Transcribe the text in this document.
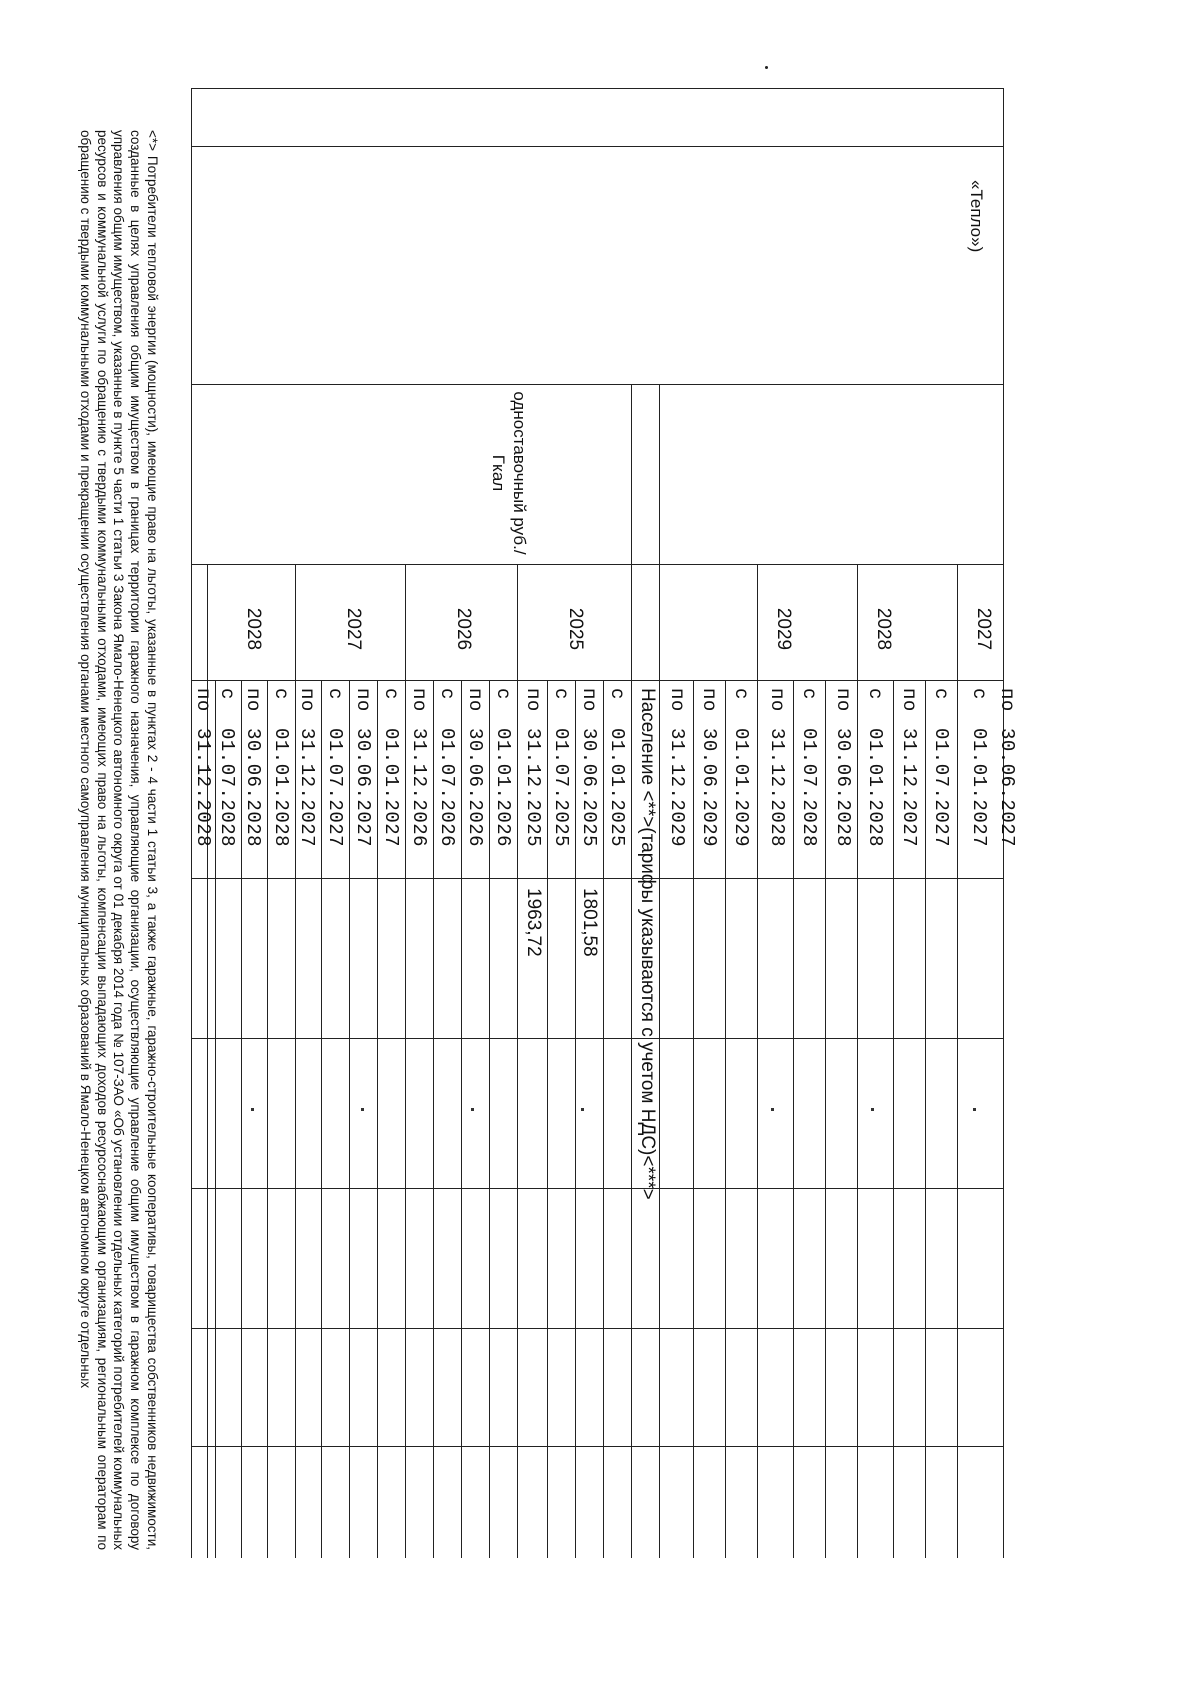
«Тепло»)
одноставочный руб./Гкал
Население <**>(тарифы указываются с учетом НДС)<***>
2027
2028
2029
с01.01.2027
по30.06.2027
с01.07.2027
по31.12.2027
с01.01.2028
по30.06.2028
с01.07.2028
по31.12.2028
с01.01.2029
по30.06.2029
по31.12.2029
2025
2026
2027
2028
с01.01.2025
по30.06.2025
с01.07.2025
по31.12.2025
с01.01.2026
по30.06.2026
с01.07.2026
по31.12.2026
с01.01.2027
по30.06.2027
с01.07.2027
по31.12.2027
с01.01.2028
по30.06.2028
с01.07.2028
по31.12.2028
1801,58
1963,72
<*> Потребители тепловой энергии (мощности), имеющие право на льготы, указанные в пунктах 2 - 4 части 1 статьи 3, а также гаражные, гаражно-строительные кооперативы, товарищества собственников недвижимости, созданные в целях управления общим имуществом в границах территории гаражного назначения, управляющие организации, осуществляющие управление общим имуществом в гаражном комплексе по договору управления общим имуществом, указанные в пункте 5 части 1 статьи 3 Закона Ямало-Ненецкого автономного округа от 01 декабря 2014 года № 107-ЗАО «Об установлении отдельных категорий потребителей коммунальных ресурсов и коммунальной услуги по обращению с твердыми коммунальными отходами, имеющих право на льготы, компенсации выпадающих доходов ресурсоснабжающим организациям, региональным операторам по обращению с твердыми коммунальными отходами и прекращении осуществления органами местного самоуправления муниципальных образований в Ямало-Ненецком автономном округе отдельных
